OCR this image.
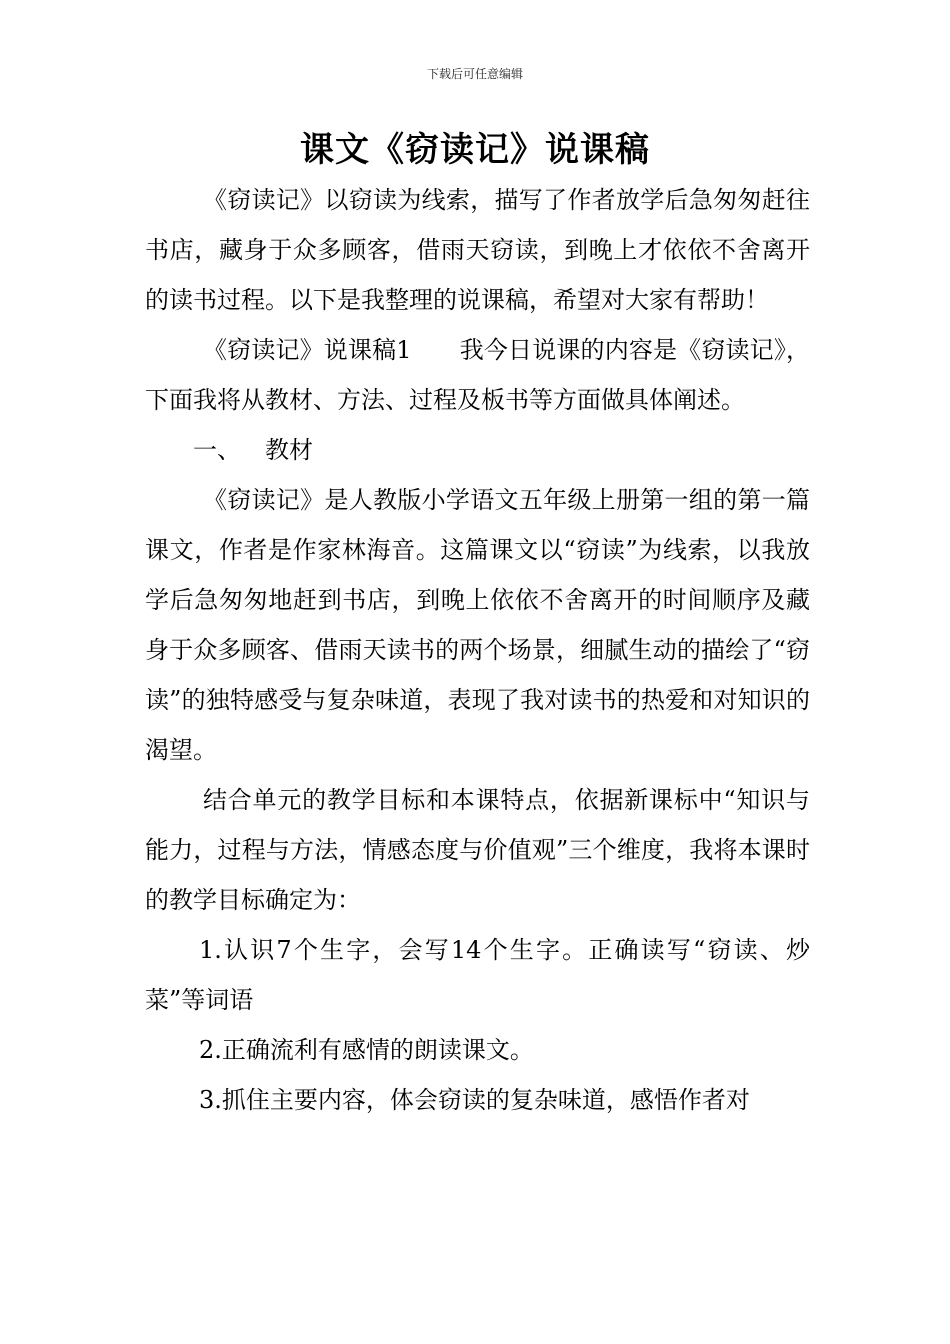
下载后可任意编辑
课文《窃读记》说课稿

《窃读记》以窃读为线索，描写了作者放学后急匆匆赶往书店，藏身于众多顾客，借雨天窃读，到晚上才依依不舍离开的读书过程。以下是我整理的说课稿，希望对大家有帮助！

《窃读记》说课稿1 我今日说课的内容是《窃读记》，下面我将从教材、方法、过程及板书等方面做具体阐述。

一、 教材

《窃读记》是人教版小学语文五年级上册第一组的第一篇课文，作者是作家林海音。这篇课文以“窃读”为线索，以我放学后急匆匆地赶到书店，到晚上依依不舍离开的时间顺序及藏身于众多顾客、借雨天读书的两个场景，细腻生动的描绘了“窃读”的独特感受与复杂味道，表现了我对读书的热爱和对知识的渴望。

结合单元的教学目标和本课特点，依据新课标中“知识与能力，过程与方法，情感态度与价值观”三个维度，我将本课时的教学目标确定为：

1.认识7个生字，会写14个生字。正确读写“窃读、炒菜”等词语

2.正确流利有感情的朗读课文。

3.抓住主要内容，体会窃读的复杂味道，感悟作者对
